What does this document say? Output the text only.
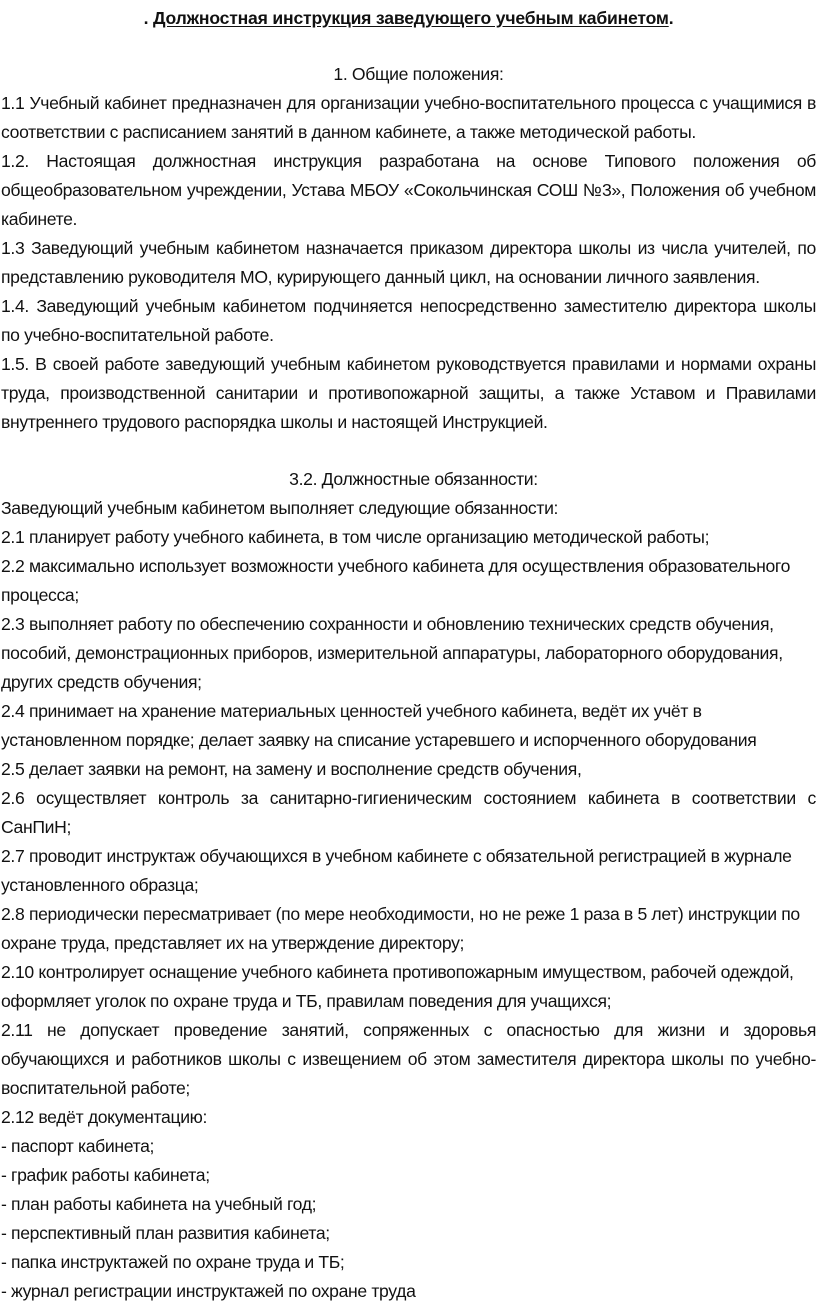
. Должностная инструкция заведующего учебным кабинетом.

1. Общие положения:

1.1 Учебный кабинет предназначен для организации учебно-воспитательного процесса с учащимися в соответствии с расписанием занятий в данном кабинете, а также методической работы.

1.2. Настоящая должностная инструкция разработана на основе Типового положения об общеобразовательном учреждении, Устава МБОУ «Сокольчинская СОШ №3», Положения об учебном кабинете.

1.3 Заведующий учебным кабинетом назначается приказом директора школы из числа учителей, по представлению руководителя МО, курирующего данный цикл, на основании личного заявления.

1.4. Заведующий учебным кабинетом подчиняется непосредственно заместителю директора школы по учебно-воспитательной работе.

1.5. В своей работе заведующий учебным кабинетом руководствуется правилами и нормами охраны труда, производственной санитарии и противопожарной защиты, а также Уставом и Правилами внутреннего трудового распорядка школы и настоящей Инструкцией.

3.2. Должностные обязанности:

Заведующий учебным кабинетом выполняет следующие обязанности:

2.1 планирует работу учебного кабинета, в том числе организацию методической работы;

2.2 максимально использует возможности учебного кабинета для осуществления образовательного процесса;

2.3 выполняет работу по обеспечению сохранности и обновлению технических средств обучения, пособий, демонстрационных приборов, измерительной аппаратуры, лабораторного оборудования, других средств обучения;

2.4 принимает на хранение материальных ценностей учебного кабинета, ведёт их учёт в установленном порядке; делает заявку на списание устаревшего и испорченного оборудования

2.5 делает заявки на ремонт, на замену и восполнение средств обучения,

2.6 осуществляет контроль за санитарно-гигиеническим состоянием кабинета в соответствии с СанПиН;

2.7 проводит инструктаж обучающихся в учебном кабинете с обязательной регистрацией в журнале установленного образца;

2.8 периодически пересматривает (по мере необходимости, но не реже 1 раза в 5 лет) инструкции по охране труда, представляет их на утверждение директору;

2.10 контролирует оснащение учебного кабинета противопожарным имуществом, рабочей одеждой, оформляет уголок по охране труда и ТБ, правилам поведения для учащихся;

2.11 не допускает проведение занятий, сопряженных с опасностью для жизни и здоровья обучающихся и работников школы с извещением об этом заместителя директора школы по учебно-воспитательной работе;

2.12 ведёт документацию:

- паспорт кабинета;
- график работы кабинета;
- план работы кабинета на учебный год;
- перспективный план развития кабинета;
- папка инструктажей по охране труда и ТБ;
- журнал регистрации инструктажей по охране труда
